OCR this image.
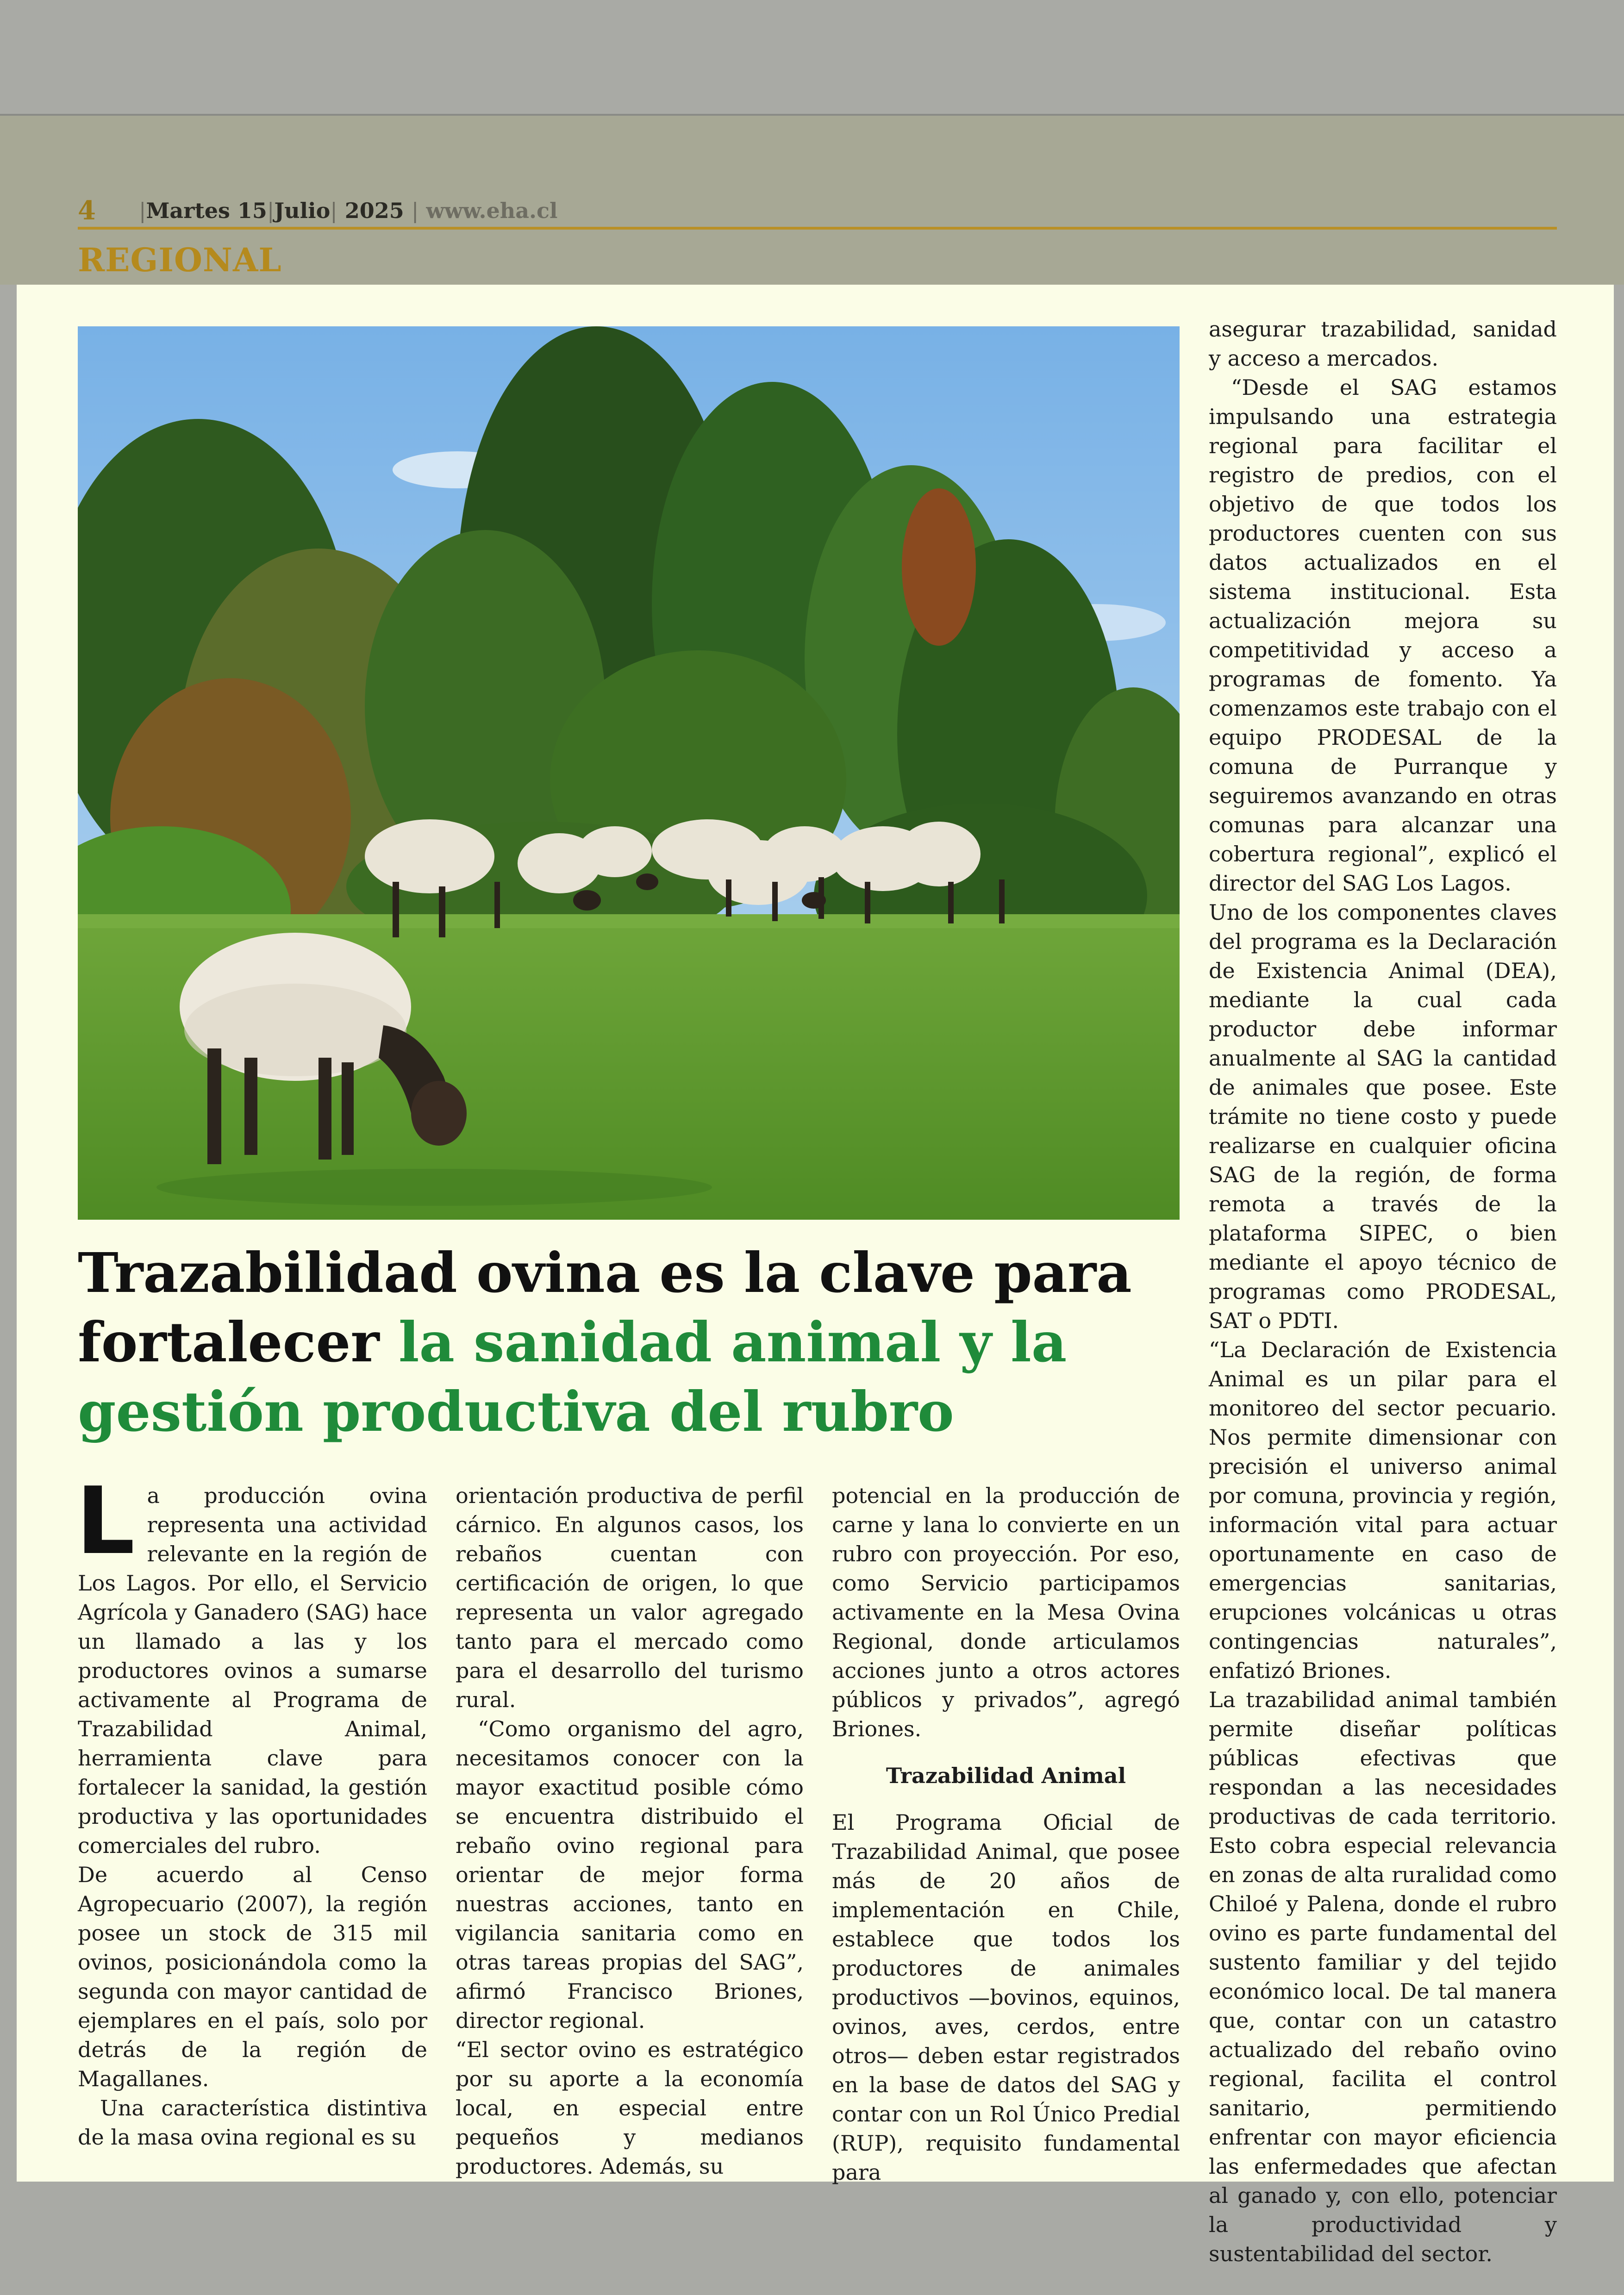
4 |Martes 15|Julio| 2025 | www.eha.cl
REGIONAL
Trazabilidad ovina es la clave para fortalecer la sanidad animal y la gestión productiva del rubro

La producción ovina representa una actividad relevante en la región de Los Lagos. Por ello, el Servicio Agrícola y Ganadero (SAG) hace un llamado a las y los productores ovinos a sumarse activamente al Programa de Trazabilidad Animal, herramienta clave para fortalecer la sanidad, la gestión productiva y las oportunidades comerciales del rubro.

De acuerdo al Censo Agropecuario (2007), la región posee un stock de 315 mil ovinos, posicionándola como la segunda con mayor cantidad de ejemplares en el país, solo por detrás de la región de Magallanes.

Una característica distintiva de la masa ovina regional es su

orientación productiva de perfil cárnico. En algunos casos, los rebaños cuentan con certificación de origen, lo que representa un valor agregado tanto para el mercado como para el desarrollo del turismo rural.

“Como organismo del agro, necesitamos conocer con la mayor exactitud posible cómo se encuentra distribuido el rebaño ovino regional para orientar de mejor forma nuestras acciones, tanto en vigilancia sanitaria como en otras tareas propias del SAG”, afirmó Francisco Briones, director regional.

“El sector ovino es estratégico por su aporte a la economía local, en especial entre pequeños y medianos productores. Además, su

potencial en la producción de carne y lana lo convierte en un rubro con proyección. Por eso, como Servicio participamos activamente en la Mesa Ovina Regional, donde articulamos acciones junto a otros actores públicos y privados”, agregó Briones.

Trazabilidad Animal

El Programa Oficial de Trazabilidad Animal, que posee más de 20 años de implementación en Chile, establece que todos los productores de animales productivos —bovinos, equinos, ovinos, aves, cerdos, entre otros— deben estar registrados en la base de datos del SAG y contar con un Rol Único Predial (RUP), requisito fundamental para

asegurar trazabilidad, sanidad y acceso a mercados.

“Desde el SAG estamos impulsando una estrategia regional para facilitar el registro de predios, con el objetivo de que todos los productores cuenten con sus datos actualizados en el sistema institucional. Esta actualización mejora su competitividad y acceso a programas de fomento. Ya comenzamos este trabajo con el equipo PRODESAL de la comuna de Purranque y seguiremos avanzando en otras comunas para alcanzar una cobertura regional”, explicó el director del SAG Los Lagos.

Uno de los componentes claves del programa es la Declaración de Existencia Animal (DEA), mediante la cual cada productor debe informar anualmente al SAG la cantidad de animales que posee. Este trámite no tiene costo y puede realizarse en cualquier oficina SAG de la región, de forma remota a través de la plataforma SIPEC, o bien mediante el apoyo técnico de programas como PRODESAL, SAT o PDTI.

“La Declaración de Existencia Animal es un pilar para el monitoreo del sector pecuario. Nos permite dimensionar con precisión el universo animal por comuna, provincia y región, información vital para actuar oportunamente en caso de emergencias sanitarias, erupciones volcánicas u otras contingencias naturales”, enfatizó Briones.

La trazabilidad animal también permite diseñar políticas públicas efectivas que respondan a las necesidades productivas de cada territorio. Esto cobra especial relevancia en zonas de alta ruralidad como Chiloé y Palena, donde el rubro ovino es parte fundamental del sustento familiar y del tejido económico local. De tal manera que, contar con un catastro actualizado del rebaño ovino regional, facilita el control sanitario, permitiendo enfrentar con mayor eficiencia las enfermedades que afectan al ganado y, con ello, potenciar la productividad y sustentabilidad del sector.
